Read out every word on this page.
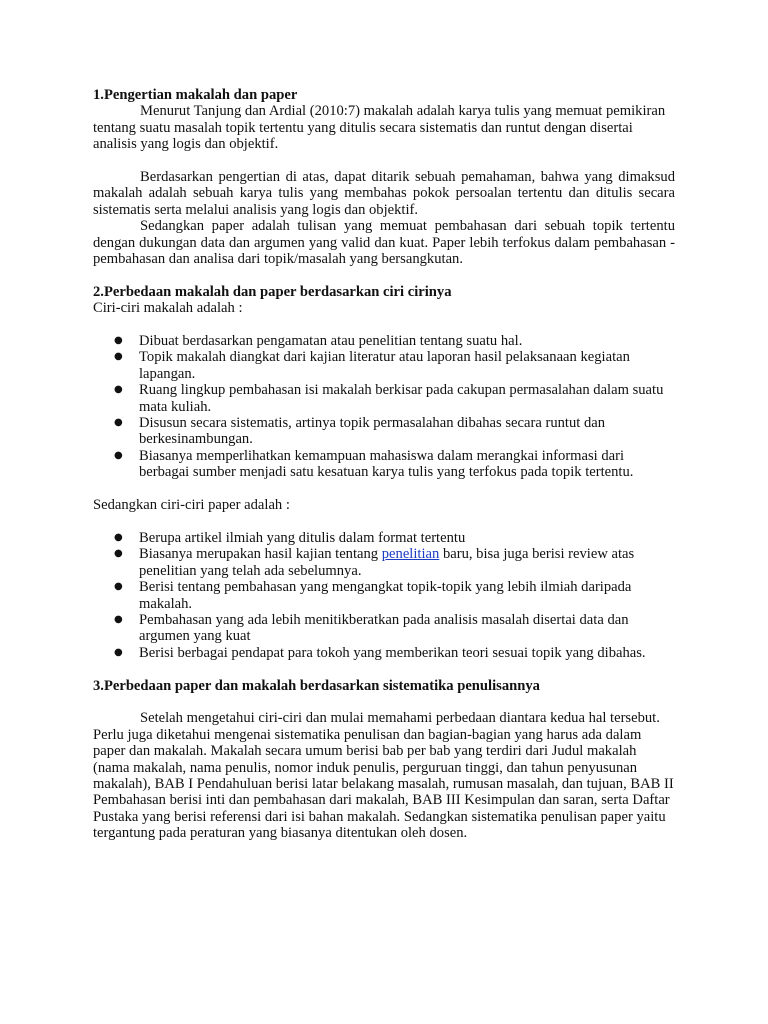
1.Pengertian makalah dan paper

Menurut Tanjung dan Ardial (2010:7) makalah adalah karya tulis yang memuat pemikiran tentang suatu masalah topik tertentu yang ditulis secara sistematis dan runtut dengan disertai analisis yang logis dan objektif.

Berdasarkan pengertian di atas, dapat ditarik sebuah pemahaman, bahwa yang dimaksud makalah adalah sebuah karya tulis yang membahas pokok persoalan tertentu dan ditulis secara sistematis serta melalui analisis yang logis dan objektif.

Sedangkan paper adalah tulisan yang memuat pembahasan dari sebuah topik tertentu dengan dukungan data dan argumen yang valid dan kuat. Paper lebih terfokus dalam pembahasan - pembahasan dan analisa dari topik/masalah yang bersangkutan.

2.Perbedaan makalah dan paper berdasarkan ciri cirinya

Ciri-ciri makalah adalah :

● Dibuat berdasarkan pengamatan atau penelitian tentang suatu hal.
● Topik makalah diangkat dari kajian literatur atau laporan hasil pelaksanaan kegiatan lapangan.
● Ruang lingkup pembahasan isi makalah berkisar pada cakupan permasalahan dalam suatu mata kuliah.
● Disusun secara sistematis, artinya topik permasalahan dibahas secara runtut dan berkesinambungan.
● Biasanya memperlihatkan kemampuan mahasiswa dalam merangkai informasi dari berbagai sumber menjadi satu kesatuan karya tulis yang terfokus pada topik tertentu.

Sedangkan ciri-ciri paper adalah :

● Berupa artikel ilmiah yang ditulis dalam format tertentu
● Biasanya merupakan hasil kajian tentang penelitian baru, bisa juga berisi review atas penelitian yang telah ada sebelumnya.
● Berisi tentang pembahasan yang mengangkat topik-topik yang lebih ilmiah daripada makalah.
● Pembahasan yang ada lebih menitikberatkan pada analisis masalah disertai data dan argumen yang kuat
● Berisi berbagai pendapat para tokoh yang memberikan teori sesuai topik yang dibahas.
3.Perbedaan paper dan makalah berdasarkan sistematika penulisannya

Setelah mengetahui ciri-ciri dan mulai memahami perbedaan diantara kedua hal tersebut. Perlu juga diketahui mengenai sistematika penulisan dan bagian-bagian yang harus ada dalam paper dan makalah. Makalah secara umum berisi bab per bab yang terdiri dari Judul makalah (nama makalah, nama penulis, nomor induk penulis, perguruan tinggi, dan tahun penyusunan makalah), BAB I Pendahuluan berisi latar belakang masalah, rumusan masalah, dan tujuan, BAB II Pembahasan berisi inti dan pembahasan dari makalah, BAB III Kesimpulan dan saran, serta Daftar Pustaka yang berisi referensi dari isi bahan makalah. Sedangkan sistematika penulisan paper yaitu tergantung pada peraturan yang biasanya ditentukan oleh dosen.
